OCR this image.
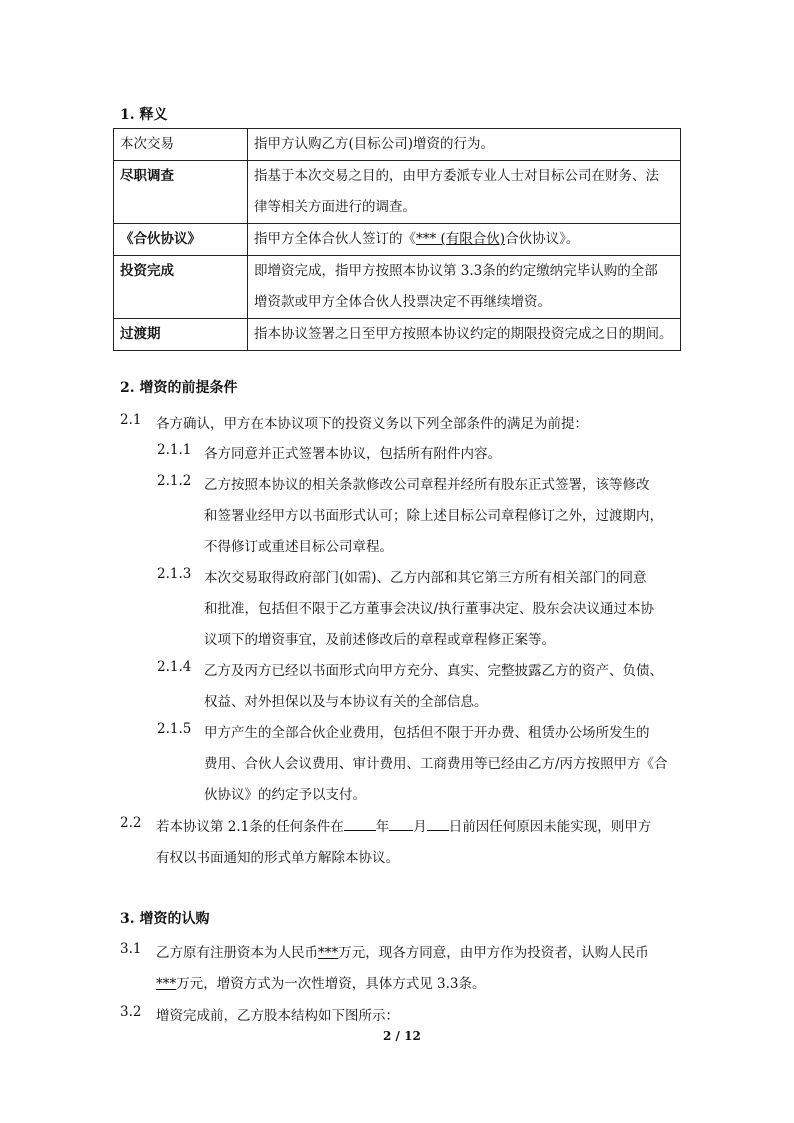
1. 释义
本次交易	指甲方认购乙方(目标公司)增资的行为。
尽职调查	指基于本次交易之目的，由甲方委派专业人士对目标公司在财务、法
律等相关方面进行的调查。

《合伙协议》	指甲方全体合伙人签订的《*** (有限合伙)合伙协议》。
投资完成	即增资完成，指甲方按照本协议第 3.3条的约定缴纳完毕认购的全部
增资款或甲方全体合伙人投票决定不再继续增资。

过渡期	指本协议签署之日至甲方按照本协议约定的期限投资完成之日的期间。
2. 增资的前提条件
2.1 各方确认，甲方在本协议项下的投资义务以下列全部条件的满足为前提：
2.1.1 各方同意并正式签署本协议，包括所有附件内容。
2.1.2 乙方按照本协议的相关条款修改公司章程并经所有股东正式签署，该等修改
和签署业经甲方以书面形式认可；除上述目标公司章程修订之外，过渡期内，
不得修订或重述目标公司章程。
2.1.3 本次交易取得政府部门(如需)、乙方内部和其它第三方所有相关部门的同意
和批准，包括但不限于乙方董事会决议/执行董事决定、股东会决议通过本协
议项下的增资事宜，及前述修改后的章程或章程修正案等。
2.1.4 乙方及丙方已经以书面形式向甲方充分、真实、完整披露乙方的资产、负债、
权益、对外担保以及与本协议有关的全部信息。
2.1.5 甲方产生的全部合伙企业费用，包括但不限于开办费、租赁办公场所发生的
费用、合伙人会议费用、审计费用、工商费用等已经由乙方/丙方按照甲方《合
伙协议》的约定予以支付。
2.2 若本协议第 2.1条的任何条件在 年 月 日前因任何原因未能实现，则甲方
有权以书面通知的形式单方解除本协议。
3. 增资的认购
3.1 乙方原有注册资本为人民币***万元，现各方同意，由甲方作为投资者，认购人民币
***万元，增资方式为一次性增资，具体方式见 3.3条。
3.2 增资完成前，乙方股本结构如下图所示：
2 / 12
